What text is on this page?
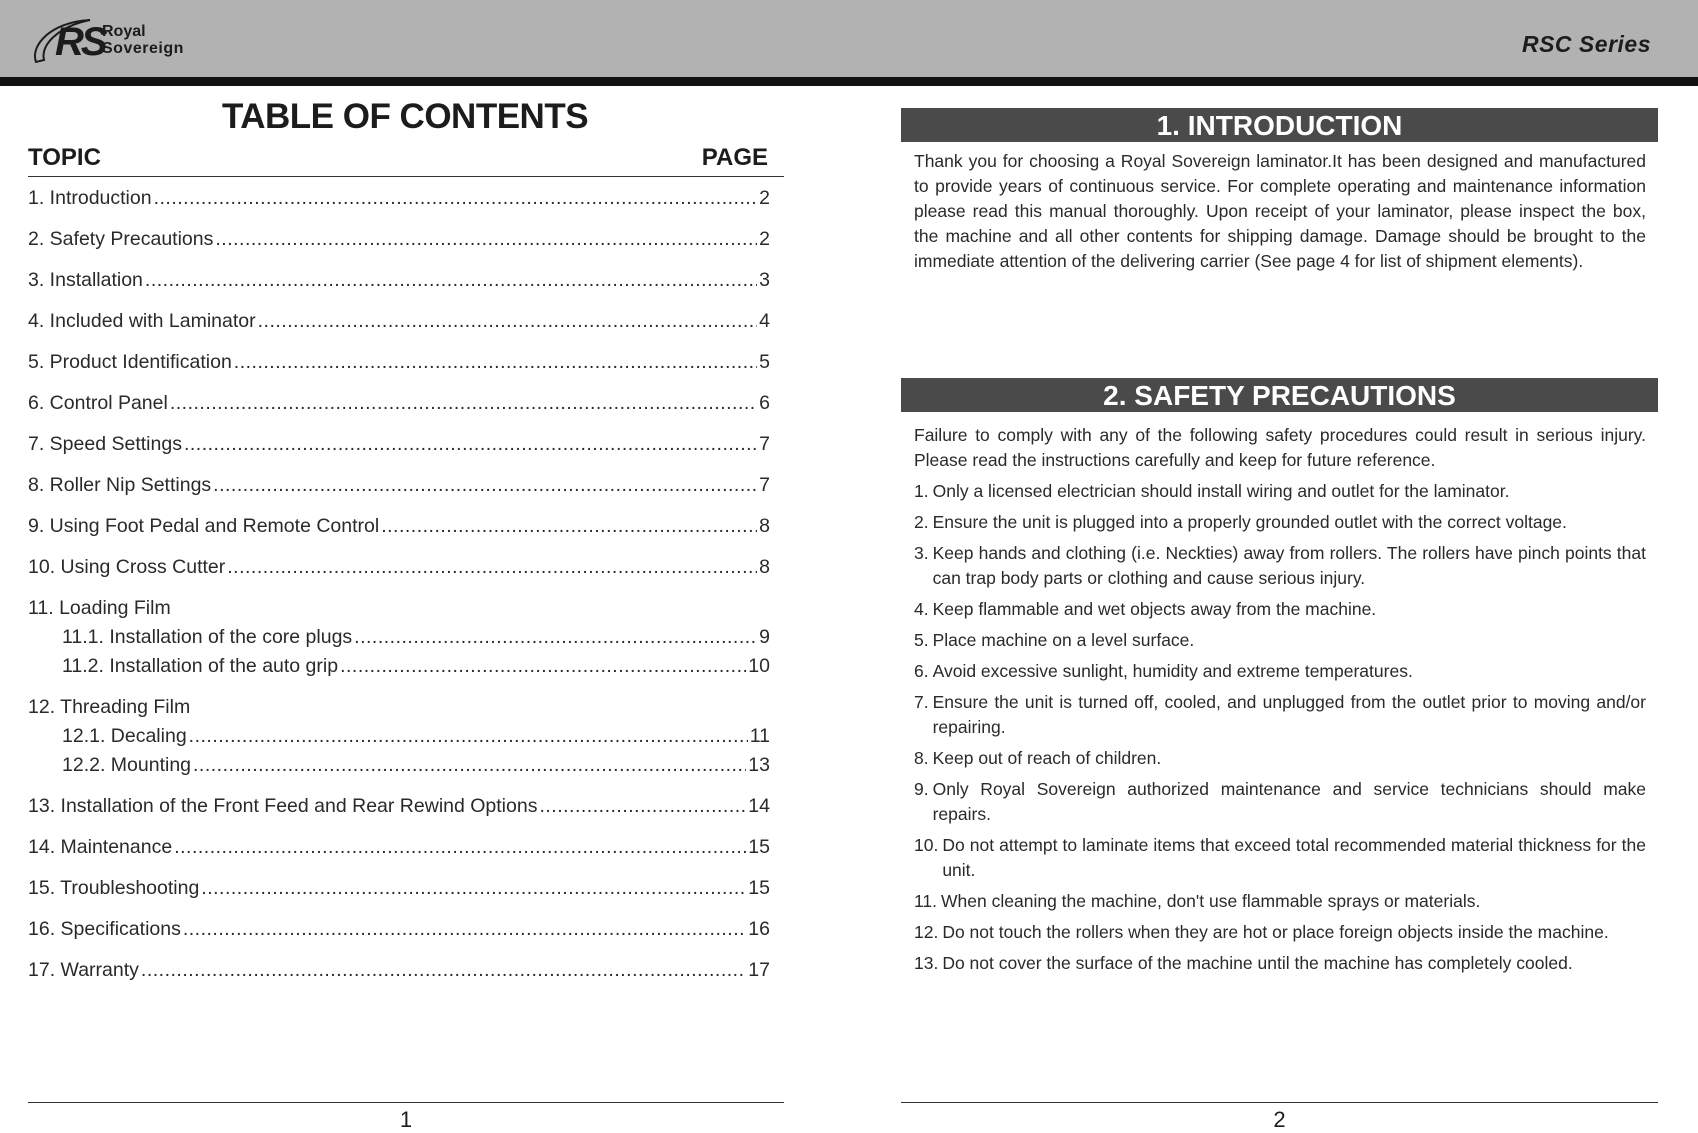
RS
Royal
Sovereign	RSC Series
TABLE OF CONTENTS
TOPIC	PAGE
1. Introduction .....	2
2. Safety Precautions .....	2
3. Installation .....	3
4. Included with Laminator .....	4
5. Product Identification .....	5
6. Control Panel .....	6
7. Speed Settings .....	7
8. Roller Nip Settings .....	7
9. Using Foot Pedal and Remote Control .....	8
10. Using Cross Cutter .....	8
11. Loading Film
11.1. Installation of the core plugs .....	9
11.2. Installation of the auto grip .....	10
12. Threading Film
12.1. Decaling .....	11
12.2. Mounting .....	13
13. Installation of the Front Feed and Rear Rewind Options .....	14
14. Maintenance .....	15
15. Troubleshooting .....	15
16. Specifications .....	16
17. Warranty .....	17
1
1. INTRODUCTION
Thank you for choosing a Royal Sovereign laminator.It has been designed and manufactured to provide years of continuous service. For complete operating and maintenance information please read this manual thoroughly. Upon receipt of your laminator, please inspect the box, the machine and all other contents for shipping damage. Damage should be brought to the immediate attention of the delivering carrier (See page 4 for list of shipment elements).
2. SAFETY PRECAUTIONS
Failure to comply with any of the following safety procedures could result in serious injury. Please read the instructions carefully and keep for future reference.
1. Only a licensed electrician should install wiring and outlet for the laminator.
2. Ensure the unit is plugged into a properly grounded outlet with the correct voltage.
3. Keep hands and clothing (i.e. Neckties) away from rollers. The rollers have pinch points that can trap body parts or clothing and cause serious injury.
4. Keep flammable and wet objects away from the machine.
5. Place machine on a level surface.
6. Avoid excessive sunlight, humidity and extreme temperatures.
7. Ensure the unit is turned off, cooled, and unplugged from the outlet prior to moving and/or repairing.
8. Keep out of reach of children.
9. Only Royal Sovereign authorized maintenance and service technicians should make repairs.
10. Do not attempt to laminate items that exceed total recommended material thickness for the unit.
11. When cleaning the machine, don't use flammable sprays or materials.
12. Do not touch the rollers when they are hot or place foreign objects inside the machine.
13. Do not cover the surface of the machine until the machine has completely cooled.
2
